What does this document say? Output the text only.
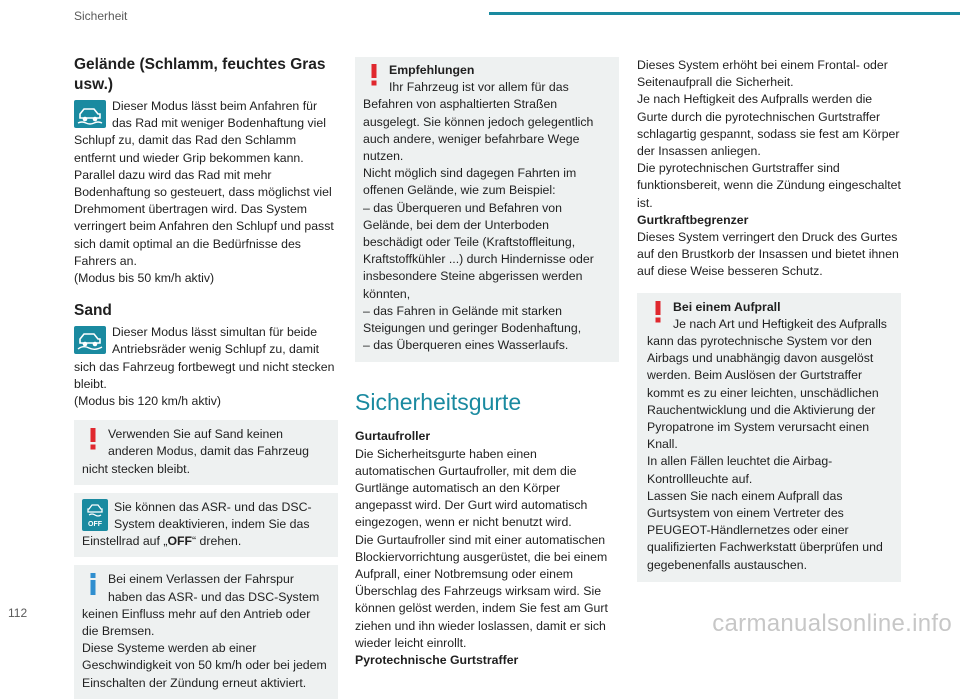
Sicherheit
Gelände (Schlamm, feuchtes Gras usw.)

Dieser Modus lässt beim Anfahren für das Rad mit weniger Bodenhaftung viel Schlupf zu, damit das Rad den Schlamm entfernt und wieder Grip bekommen kann. Parallel dazu wird das Rad mit mehr Bodenhaftung so gesteuert, dass möglichst viel Drehmoment übertragen wird. Das System verringert beim Anfahren den Schlupf und passt sich damit optimal an die Bedürfnisse des Fahrers an.

(Modus bis 50 km/h aktiv)

Sand

Dieser Modus lässt simultan für beide Antriebsräder wenig Schlupf zu, damit sich das Fahrzeug fortbewegt und nicht stecken bleibt.

(Modus bis 120 km/h aktiv)

Verwenden Sie auf Sand keinen anderen Modus, damit das Fahrzeug nicht stecken bleibt.

OFF

Sie können das ASR- und das DSC-System deaktivieren, indem Sie das Einstellrad auf „OFF“ drehen.

Bei einem Verlassen der Fahrspur haben das ASR- und das DSC-System keinen Einfluss mehr auf den Antrieb oder die Bremsen.

Diese Systeme werden ab einer Geschwindigkeit von 50 km/h oder bei jedem Einschalten der Zündung erneut aktiviert.

Empfehlungen

Ihr Fahrzeug ist vor allem für das Befahren von asphaltierten Straßen ausgelegt. Sie können jedoch gelegentlich auch andere, weniger befahrbare Wege nutzen.

Nicht möglich sind dagegen Fahrten im offenen Gelände, wie zum Beispiel:

– das Überqueren und Befahren von Gelände, bei dem der Unterboden beschädigt oder Teile (Kraftstoffleitung, Kraftstoffkühler ...) durch Hindernisse oder insbesondere Steine abgerissen werden könnten,

– das Fahren in Gelände mit starken Steigungen und geringer Bodenhaftung,

– das Überqueren eines Wasserlaufs.

Sicherheitsgurte
Gurtaufroller

Die Sicherheitsgurte haben einen automatischen Gurtaufroller, mit dem die Gurtlänge automatisch an den Körper angepasst wird. Der Gurt wird automatisch eingezogen, wenn er nicht benutzt wird.

Die Gurtaufroller sind mit einer automatischen Blockiervorrichtung ausgerüstet, die bei einem Aufprall, einer Notbremsung oder einem Überschlag des Fahrzeugs wirksam wird. Sie können gelöst werden, indem Sie fest am Gurt ziehen und ihn wieder loslassen, damit er sich wieder leicht einrollt.

Pyrotechnische Gurtstraffer

Dieses System erhöht bei einem Frontal- oder Seitenaufprall die Sicherheit.

Je nach Heftigkeit des Aufpralls werden die Gurte durch die pyrotechnischen Gurtstraffer schlagartig gespannt, sodass sie fest am Körper der Insassen anliegen.

Die pyrotechnischen Gurtstraffer sind funktionsbereit, wenn die Zündung eingeschaltet ist.

Gurtkraftbegrenzer

Dieses System verringert den Druck des Gurtes auf den Brustkorb der Insassen und bietet ihnen auf diese Weise besseren Schutz.

Bei einem Aufprall

Je nach Art und Heftigkeit des Aufpralls kann das pyrotechnische System vor den Airbags und unabhängig davon ausgelöst werden. Beim Auslösen der Gurtstraffer kommt es zu einer leichten, unschädlichen Rauchentwicklung und die Aktivierung der Pyropatrone im System verursacht einen Knall.

In allen Fällen leuchtet die Airbag-Kontrollleuchte auf.

Lassen Sie nach einem Aufprall das Gurtsystem von einem Vertreter des PEUGEOT-Händlernetzes oder einer qualifizierten Fachwerkstatt überprüfen und gegebenenfalls austauschen.

112	carmanualsonline.info
